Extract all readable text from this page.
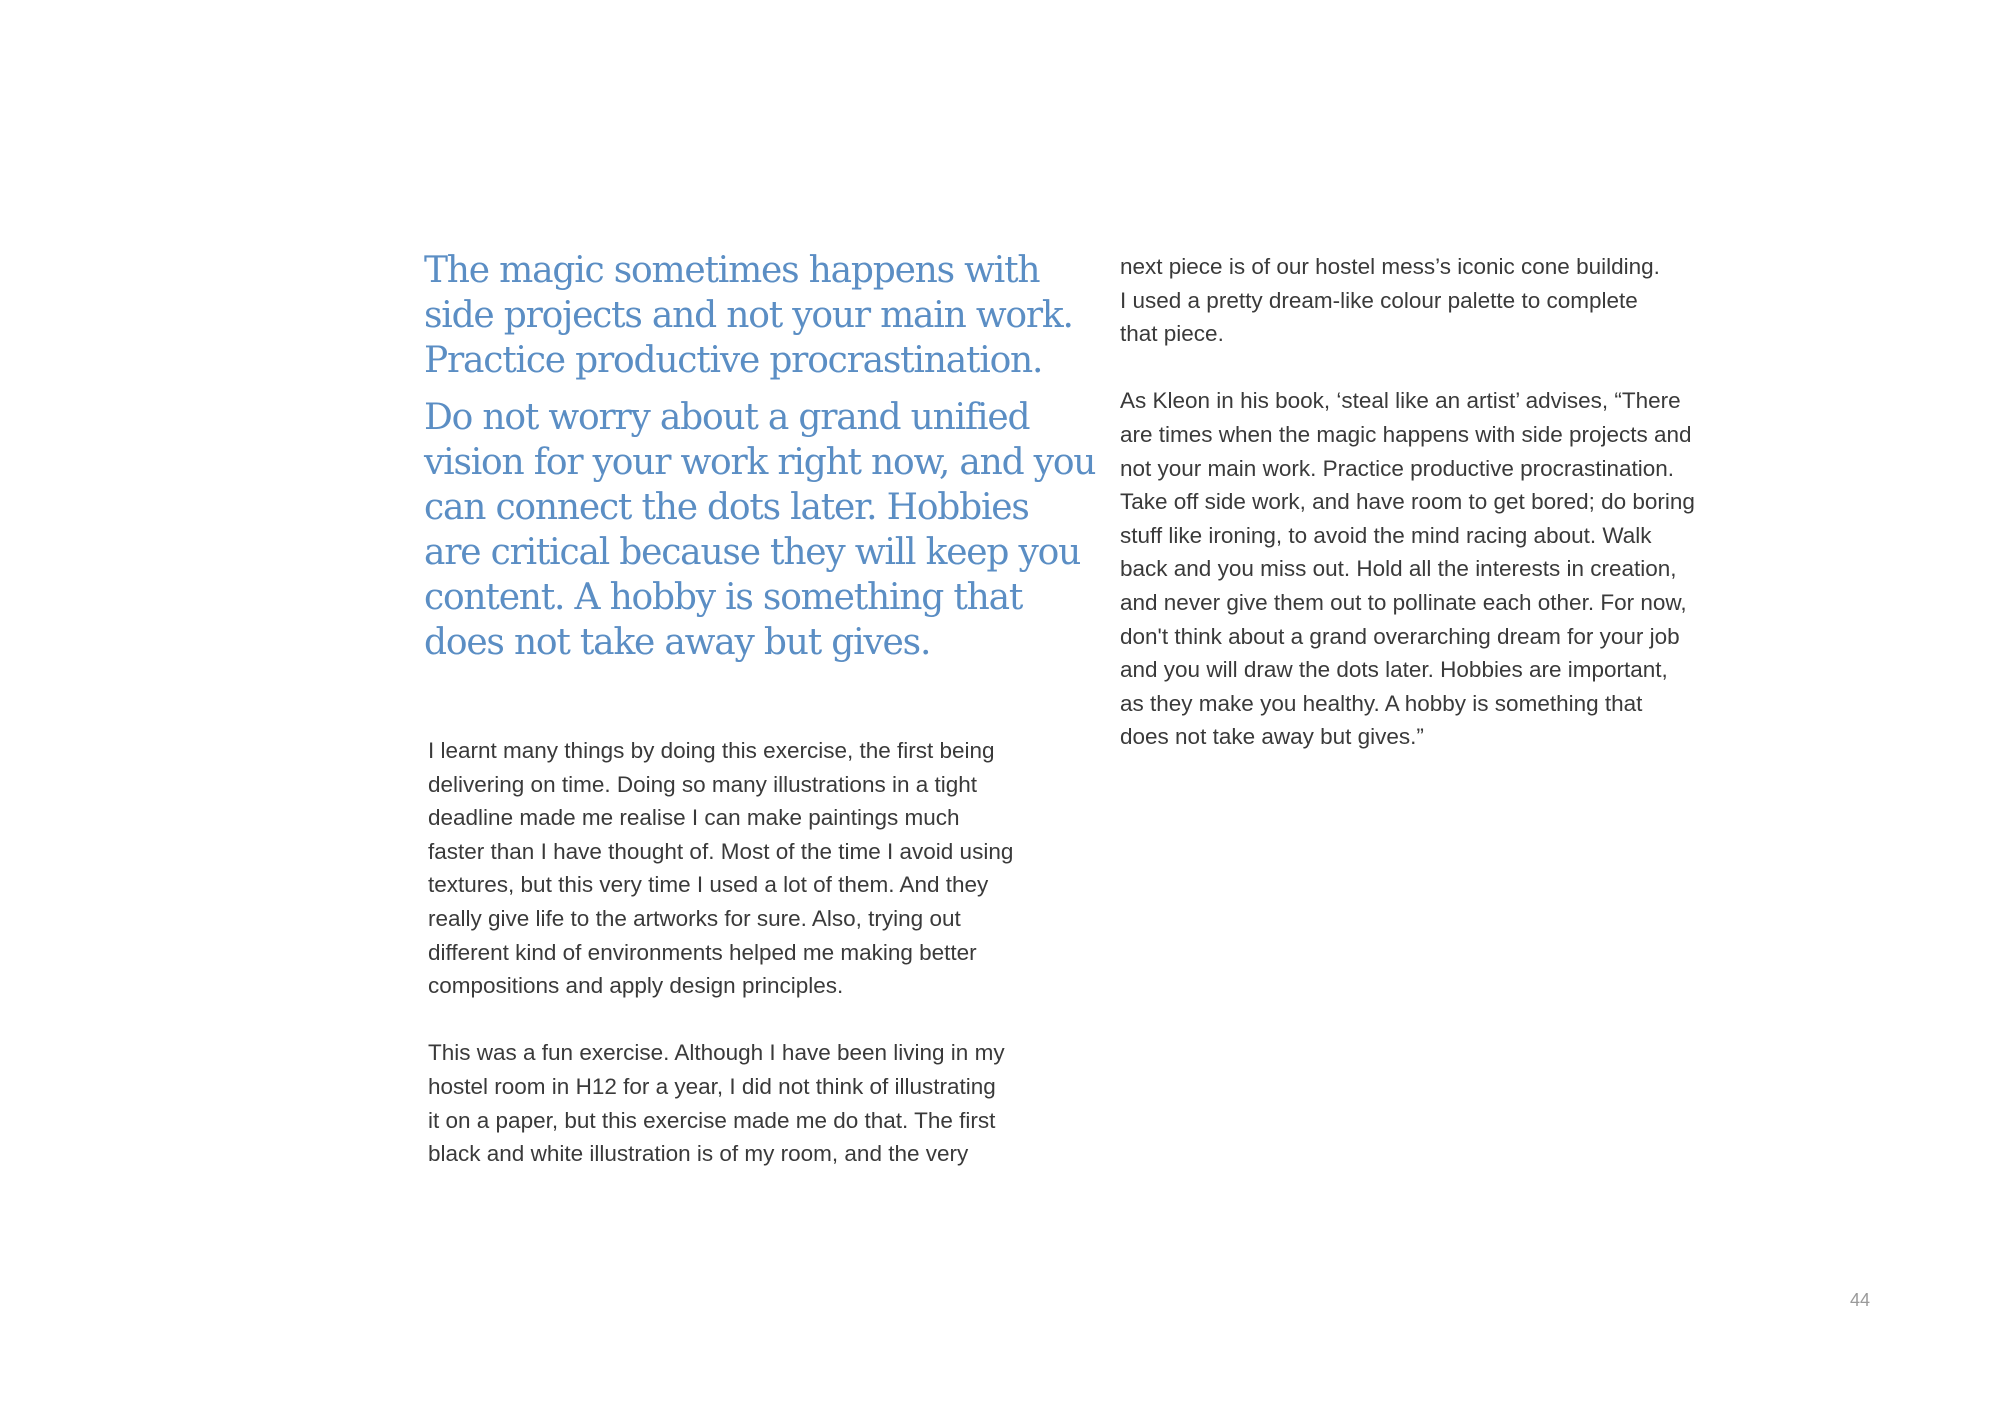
The magic sometimes happens with
side projects and not your main work.
Practice productive procrastination.

Do not worry about a grand unified
vision for your work right now, and you
can connect the dots later. Hobbies
are critical because they will keep you
content. A hobby is something that
does not take away but gives.

I learnt many things by doing this exercise, the first being
delivering on time. Doing so many illustrations in a tight
deadline made me realise I can make paintings much
faster than I have thought of. Most of the time I avoid using
textures, but this very time I used a lot of them. And they
really give life to the artworks for sure. Also, trying out
different kind of environments helped me making better
compositions and apply design principles.

This was a fun exercise. Although I have been living in my
hostel room in H12 for a year, I did not think of illustrating
it on a paper, but this exercise made me do that. The first
black and white illustration is of my room, and the very

next piece is of our hostel mess’s iconic cone building.
I used a pretty dream-like colour palette to complete
that piece.

As Kleon in his book, ‘steal like an artist’ advises, “There
are times when the magic happens with side projects and
not your main work. Practice productive procrastination.
Take off side work, and have room to get bored; do boring
stuff like ironing, to avoid the mind racing about. Walk
back and you miss out. Hold all the interests in creation,
and never give them out to pollinate each other. For now,
don't think about a grand overarching dream for your job
and you will draw the dots later. Hobbies are important,
as they make you healthy. A hobby is something that
does not take away but gives.”

44
